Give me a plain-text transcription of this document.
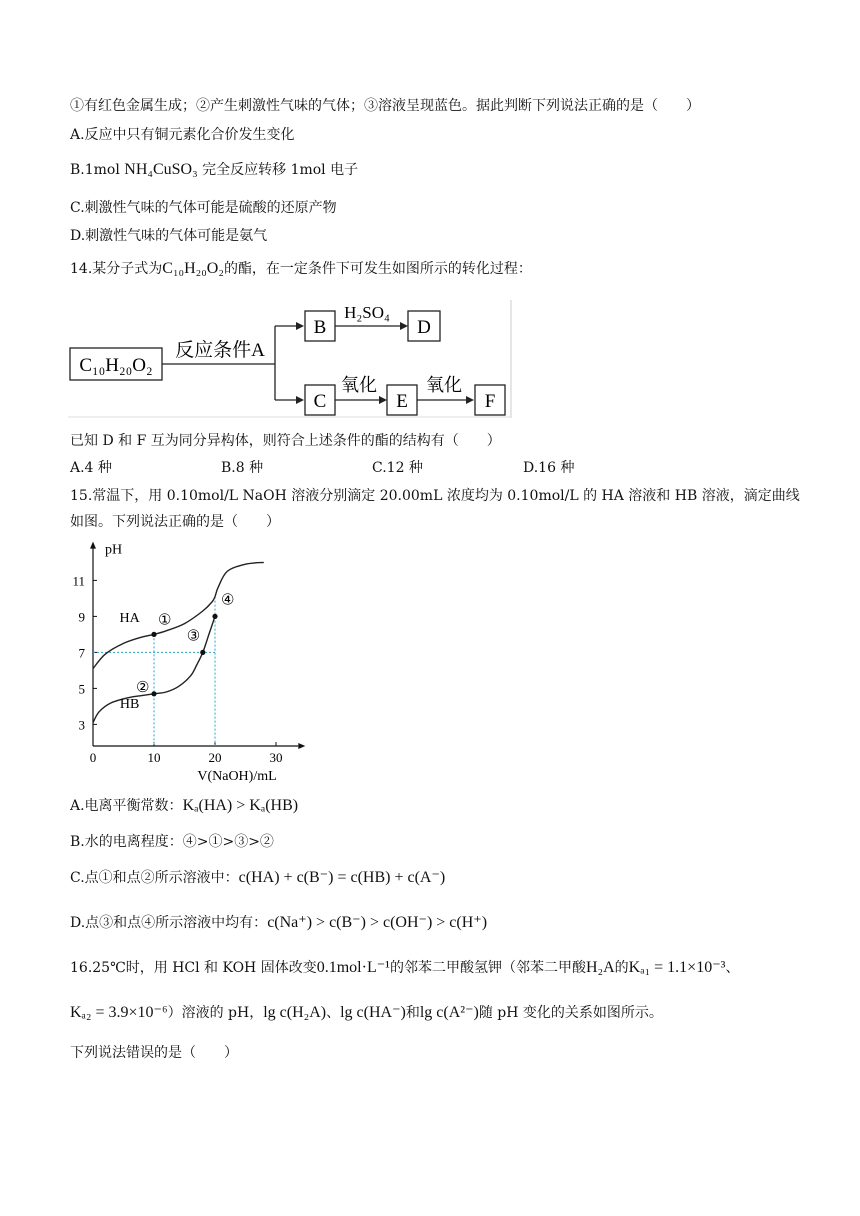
①有红色金属生成；②产生刺激性气味的气体；③溶液呈现蓝色。据此判断下列说法正确的是（　　）
A.反应中只有铜元素化合价发生变化
B.1mol NH₄CuSO₃ 完全反应转移 1mol 电子
C.刺激性气味的气体可能是硫酸的还原产物
D.刺激性气味的气体可能是氨气
14.某分子式为C₁₀H₂₀O₂的酯，在一定条件下可发生如图所示的转化过程：
C₁₀H₂₀O₂
反应条件A
B
H₂SO₄
D
C
氧化
E
氧化
F
已知 D 和 F 互为同分异构体，则符合上述条件的酯的结构有（　　）
A.4 种	B.8 种	C.12 种	D.16 种
15.常温下，用 0.10mol/L NaOH 溶液分别滴定 20.00mL 浓度均为 0.10mol/L 的 HA 溶液和 HB 溶液，滴定曲线
如图。下列说法正确的是（　　）
pH
0	10	20	30
3
5
7
9
11
V(NaOH)/mL
HA
HB
①
②
③
④
A.电离平衡常数：Kₐ(HA) > Kₐ(HB)
B.水的电离程度：④>①>③>②
C.点①和点②所示溶液中：c(HA) + c(B⁻) = c(HB) + c(A⁻)
D.点③和点④所示溶液中均有：c(Na⁺) > c(B⁻) > c(OH⁻) > c(H⁺)
16.25℃时，用 HCl 和 KOH 固体改变0.1mol·L⁻¹的邻苯二甲酸氢钾（邻苯二甲酸H₂A的Kₐ₁ = 1.1×10⁻³、
Kₐ₂ = 3.9×10⁻⁶）溶液的 pH，lg c(H₂A)、lg c(HA⁻)和lg c(A²⁻)随 pH 变化的关系如图所示。
下列说法错误的是（　　）
